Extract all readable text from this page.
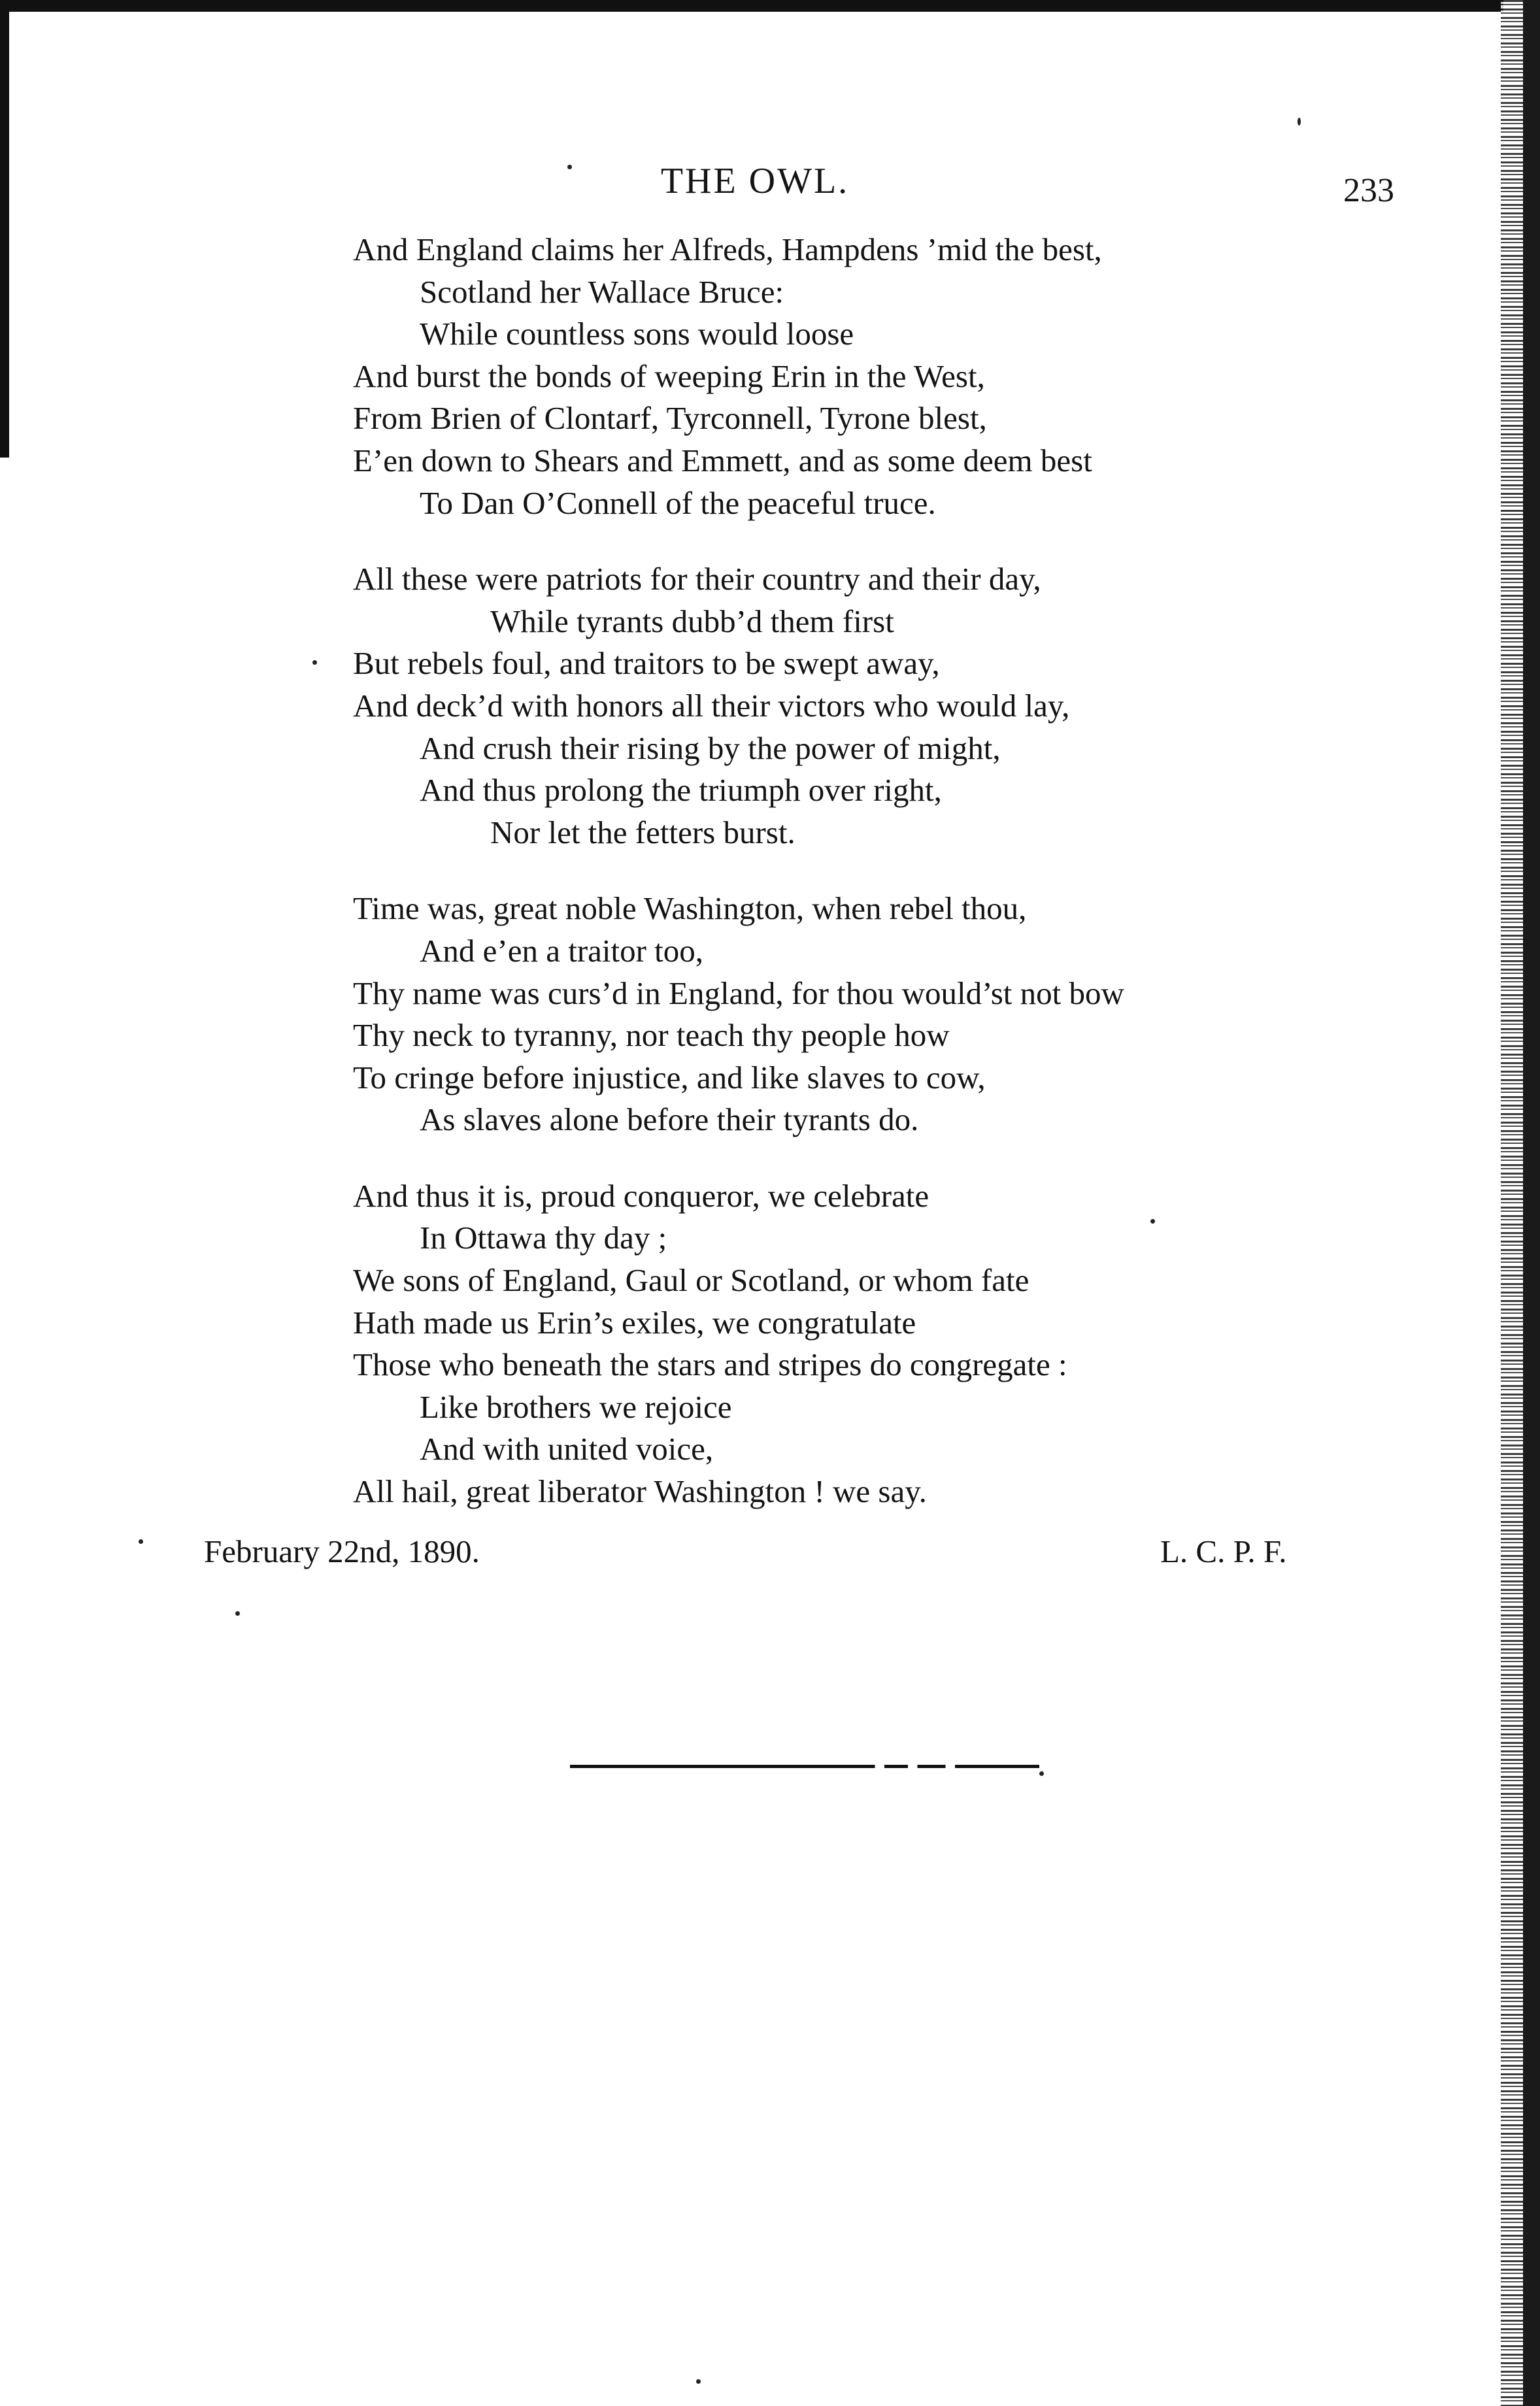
THE OWL.	233
And England claims her Alfreds, Hampdens ’mid the best,
Scotland her Wallace Bruce:
While countless sons would loose
And burst the bonds of weeping Erin in the West,
From Brien of Clontarf, Tyrconnell, Tyrone blest,
E’en down to Shears and Emmett, and as some deem best
To Dan O’Connell of the peaceful truce.
All these were patriots for their country and their day,
While tyrants dubb’d them first
But rebels foul, and traitors to be swept away,
And deck’d with honors all their victors who would lay,
And crush their rising by the power of might,
And thus prolong the triumph over right,
Nor let the fetters burst.
Time was, great noble Washington, when rebel thou,
And e’en a traitor too,
Thy name was curs’d in England, for thou would’st not bow
Thy neck to tyranny, nor teach thy people how
To cringe before injustice, and like slaves to cow,
As slaves alone before their tyrants do.
And thus it is, proud conqueror, we celebrate
In Ottawa thy day ;
We sons of England, Gaul or Scotland, or whom fate
Hath made us Erin’s exiles, we congratulate
Those who beneath the stars and stripes do congregate :
Like brothers we rejoice
And with united voice,
All hail, great liberator Washington ! we say.
February 22nd, 1890.	L. C. P. F.
